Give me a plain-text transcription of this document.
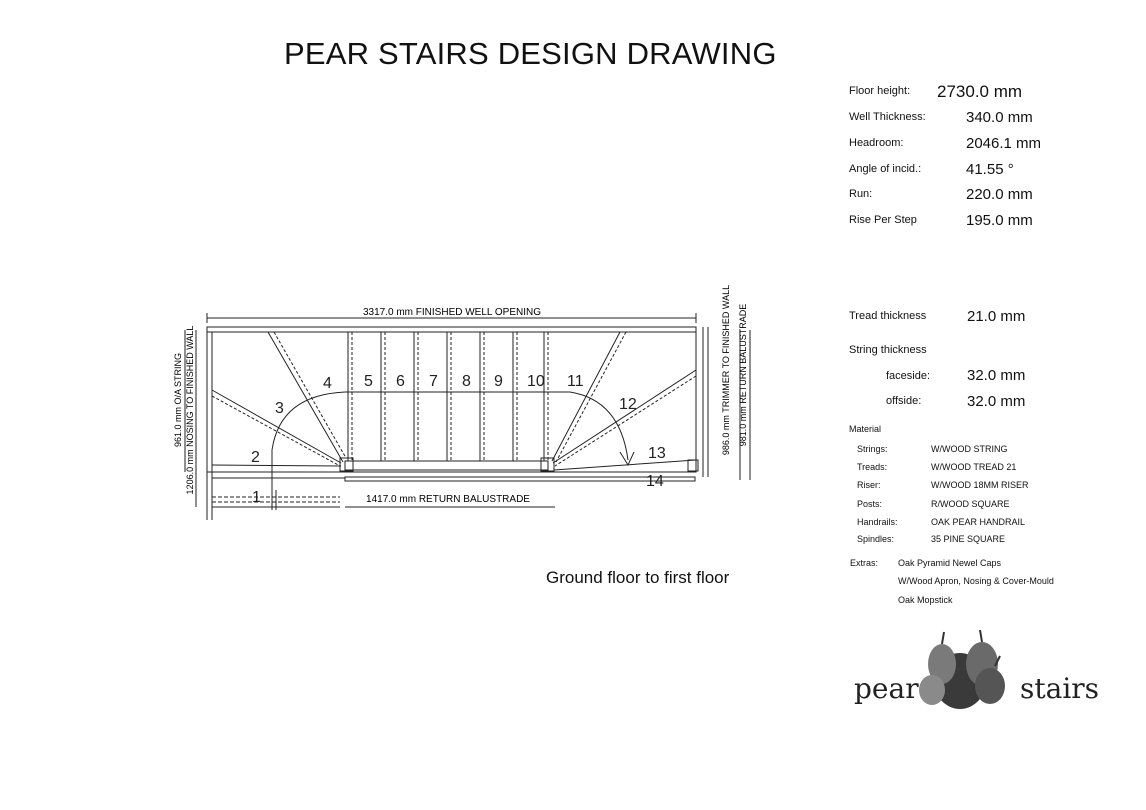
PEAR STAIRS DESIGN DRAWING
Floor height: 2730.0 mm
Well Thickness:	340.0 mm
Headroom:	2046.1 mm
Angle of incid.:	41.55 °
Run:	220.0 mm
Rise Per Step	195.0 mm
Tread thickness	21.0 mm
String thickness
faceside: 32.0 mm
offside:	32.0 mm
Material
Strings:	W/WOOD STRING
Treads:	W/WOOD TREAD 21
Riser:	W/WOOD 18MM RISER
Posts:	R/WOOD SQUARE
Handrails:	OAK PEAR HANDRAIL
Spindles:	35 PINE SQUARE
Extras: Oak Pyramid Newel Caps
W/Wood Apron, Nosing & Cover-Mould
Oak Mopstick
3317.0 mm FINISHED WELL OPENING
1417.0 mm RETURN BALUSTRADE
961.0 mm O/A STRING 1206.0 mm NOSING TO FINISHED WALL	986.0 mm TRIMMER TO FINISHED WALL 981.0 mm RETURN BALUSTRADE
1
2
3
4 5 6 7 8 9 10 11
12
13
14
Ground floor to first floor
pear	stairs
